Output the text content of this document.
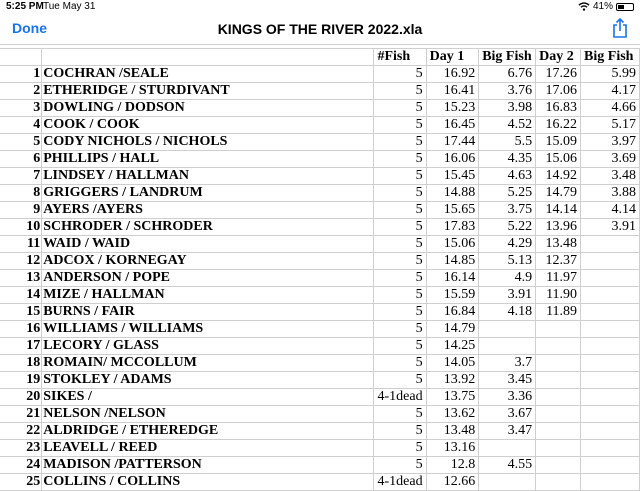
5:25 PM Tue May 31	41%
Done	KINGS OF THE RIVER 2022.xla
		#Fish	Day 1	Big Fish	Day 2	Big Fish
1	COCHRAN /SEALE	5	16.92	6.76	17.26	5.99
2	ETHERIDGE / STURDIVANT	5	16.41	3.76	17.06	4.17
3	DOWLING / DODSON	5	15.23	3.98	16.83	4.66
4	COOK / COOK	5	16.45	4.52	16.22	5.17
5	CODY NICHOLS / NICHOLS	5	17.44	5.5	15.09	3.97
6	PHILLIPS / HALL	5	16.06	4.35	15.06	3.69
7	LINDSEY / HALLMAN	5	15.45	4.63	14.92	3.48
8	GRIGGERS / LANDRUM	5	14.88	5.25	14.79	3.88
9	AYERS /AYERS	5	15.65	3.75	14.14	4.14
10	SCHRODER / SCHRODER	5	17.83	5.22	13.96	3.91
11	WAID / WAID	5	15.06	4.29	13.48	
12	ADCOX / KORNEGAY	5	14.85	5.13	12.37	
13	ANDERSON / POPE	5	16.14	4.9	11.97	
14	MIZE / HALLMAN	5	15.59	3.91	11.90	
15	BURNS / FAIR	5	16.84	4.18	11.89	
16	WILLIAMS / WILLIAMS	5	14.79			
17	LECORY / GLASS	5	14.25			
18	ROMAIN/ MCCOLLUM	5	14.05	3.7		
19	STOKLEY / ADAMS	5	13.92	3.45		
20	SIKES /	4-1dead	13.75	3.36		
21	NELSON /NELSON	5	13.62	3.67		
22	ALDRIDGE / ETHEREDGE	5	13.48	3.47		
23	LEAVELL / REED	5	13.16			
24	MADISON /PATTERSON	5	12.8	4.55		
25	COLLINS / COLLINS	4-1dead	12.66			
